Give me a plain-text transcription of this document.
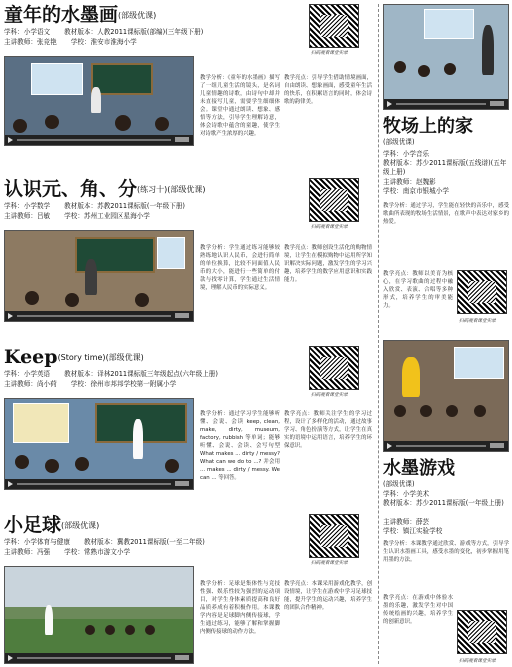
童年的水墨画(部级优课)
学科：小学语文 教材版本：人教2011课标版(部编)(三年级下册)
主讲教师：张竞艳 学校：淮安市淮海小学
扫码观看课堂实录
教学分析：《童年的水墨画》描写了一组儿童生活的镜头，是名词儿童情趣的诗歌，由诗句中却并未直接写儿童，需要学生细细体会。课堂中通过朗读、想象、感悟等方法，引导学生理解诗意，体会诗歌中蕴含的童趣，使学生对诗歌产生浓厚的兴趣。
教学亮点：引导学生借助情境画面，自由朗读、想象画面，感受童年生活的快乐，在积累语言的同时，体会诗歌的韵律美。
认识元、角、分(练习十)(部级优课)
学科：小学数学 教材版本：苏教2011课标版(一年级下册)
主讲教师：吕敏 学校：苏州工业园区星海小学
扫码观看课堂实录
教学分析：学生通过练习能够较熟练地认识人民币，会进行简单的单位换算，比较不同面值人民币的大小，能进行一些简单的付款与找零计算，学生通过生活情境，理解人民币的实际意义。
教学亮点：教师创设生活化的购物情境，让学生在模拟购物中运用所学知识解决实际问题，激发学生的学习兴趣，培养学生的数学应用意识和实践能力。
Keep(Story time)(部级优课)
学科：小学英语 教材版本：译林2011课标版三年级起点(六年级上册)
主讲教师：尚小荷 学校：徐州市邦邦学校第一附属小学
扫码观看课堂实录
教学分析：通过学习学生能够听懂、会说、会读 keep, clean, make, dirty, museum, factory, rubbish 等单词；能够听懂、会说、会读、会写句型 What makes ... dirty / messy? What can we do to ...? 并会用 ... makes ... dirty / messy. We can ... 等回答。
教学亮点：教师关注学生的学习过程，设计了多样化的活动，通过故事学习、角色扮演等方式，让学生在真实的语境中运用语言，培养学生的环保意识。
小足球(部级优课)
学科：小学体育与健康 教材版本：冀教2011课标版(一至二年级)
主讲教师：冯强 学校：常熟市游文小学
扫码观看课堂实录
教学分析：足球是集体性与竞技性强、娱乐性较为强烈的运动项目，对学生身体素质提高和良好品质养成有着积极作用。本课教学内容是足球脚内侧传接球，学生通过练习，能够了解和掌握脚内侧传接球的动作方法。
教学亮点：本课采用游戏化教学，创设情境，让学生在游戏中学习足球技能，提升学生的运动兴趣，培养学生的团队合作精神。
牧场上的家
(部级优课)
学科：小学音乐
教材版本：苏少2011课标版(五线谱)(五年级上册)
主讲教师：赵魏影
学校：南京市银城小学
教学分析：通过学习，学生能在轻快的音乐中，感受歌曲所表现的牧场生活情景，在歌声中表达对家乡的热爱。
教学亮点：教师以美育为核心，在学习歌曲的过程中融入欣赏、表演、合唱等多种形式，培养学生的审美能力。
扫码观看课堂实录
水墨游戏
(部级优课)
学科：小学美术
教材版本：苏少2011课标版(一年级上册)
主讲教师：薛芸
学校：镇江实验学校
教学分析：本课教学通过欣赏、游戏等方式，引导学生认识水墨画工具，感受水墨的变化，初步掌握用笔用墨的方法。
教学亮点：在游戏中体验水墨的乐趣，激发学生对中国传统绘画的兴趣，培养学生的创新意识。
扫码观看课堂实录
